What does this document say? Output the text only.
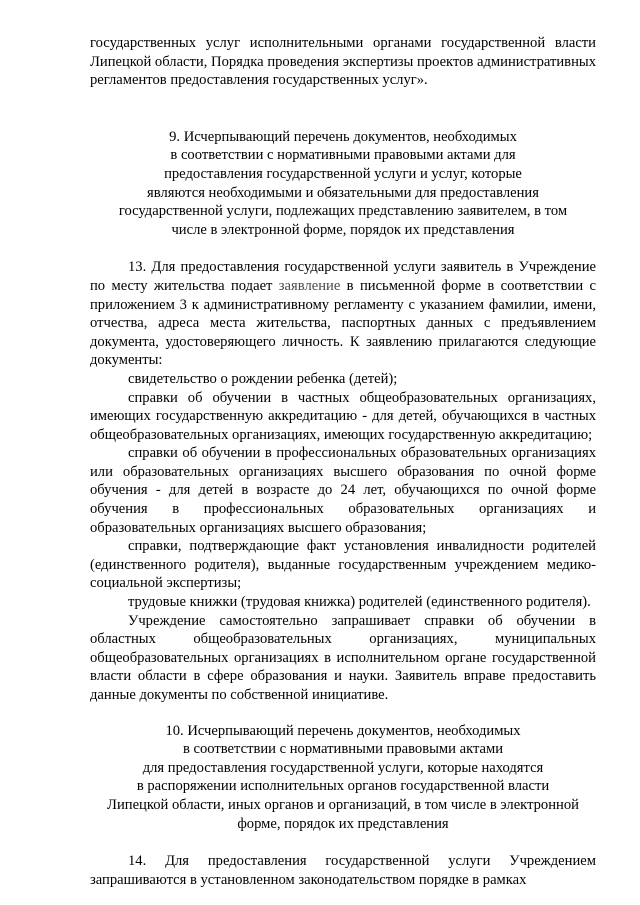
государственных услуг исполнительными органами государственной власти Липецкой области, Порядка проведения экспертизы проектов административных регламентов предоставления государственных услуг».

9. Исчерпывающий перечень документов, необходимых
в соответствии с нормативными правовыми актами для
предоставления государственной услуги и услуг, которые
являются необходимыми и обязательными для предоставления
государственной услуги, подлежащих представлению заявителем, в том
числе в электронной форме, порядок их представления

13. Для предоставления государственной услуги заявитель в Учреждение по месту жительства подает заявление в письменной форме в соответствии с приложением 3 к административному регламенту с указанием фамилии, имени, отчества, адреса места жительства, паспортных данных с предъявлением документа, удостоверяющего личность. К заявлению прилагаются следующие документы:

свидетельство о рождении ребенка (детей);

справки об обучении в частных общеобразовательных организациях, имеющих государственную аккредитацию - для детей, обучающихся в частных общеобразовательных организациях, имеющих государственную аккредитацию;

справки об обучении в профессиональных образовательных организациях или образовательных организациях высшего образования по очной форме обучения - для детей в возрасте до 24 лет, обучающихся по очной форме обучения в профессиональных образовательных организациях и образовательных организациях высшего образования;

справки, подтверждающие факт установления инвалидности родителей (единственного родителя), выданные государственным учреждением медико-социальной экспертизы;

трудовые книжки (трудовая книжка) родителей (единственного родителя).

Учреждение самостоятельно запрашивает справки об обучении в областных общеобразовательных организациях, муниципальных общеобразовательных организациях в исполнительном органе государственной власти области в сфере образования и науки. Заявитель вправе предоставить данные документы по собственной инициативе.

10. Исчерпывающий перечень документов, необходимых
в соответствии с нормативными правовыми актами
для предоставления государственной услуги, которые находятся
в распоряжении исполнительных органов государственной власти
Липецкой области, иных органов и организаций, в том числе в электронной
форме, порядок их представления

14. Для предоставления государственной услуги Учреждением запрашиваются в установленном законодательством порядке в рамках
